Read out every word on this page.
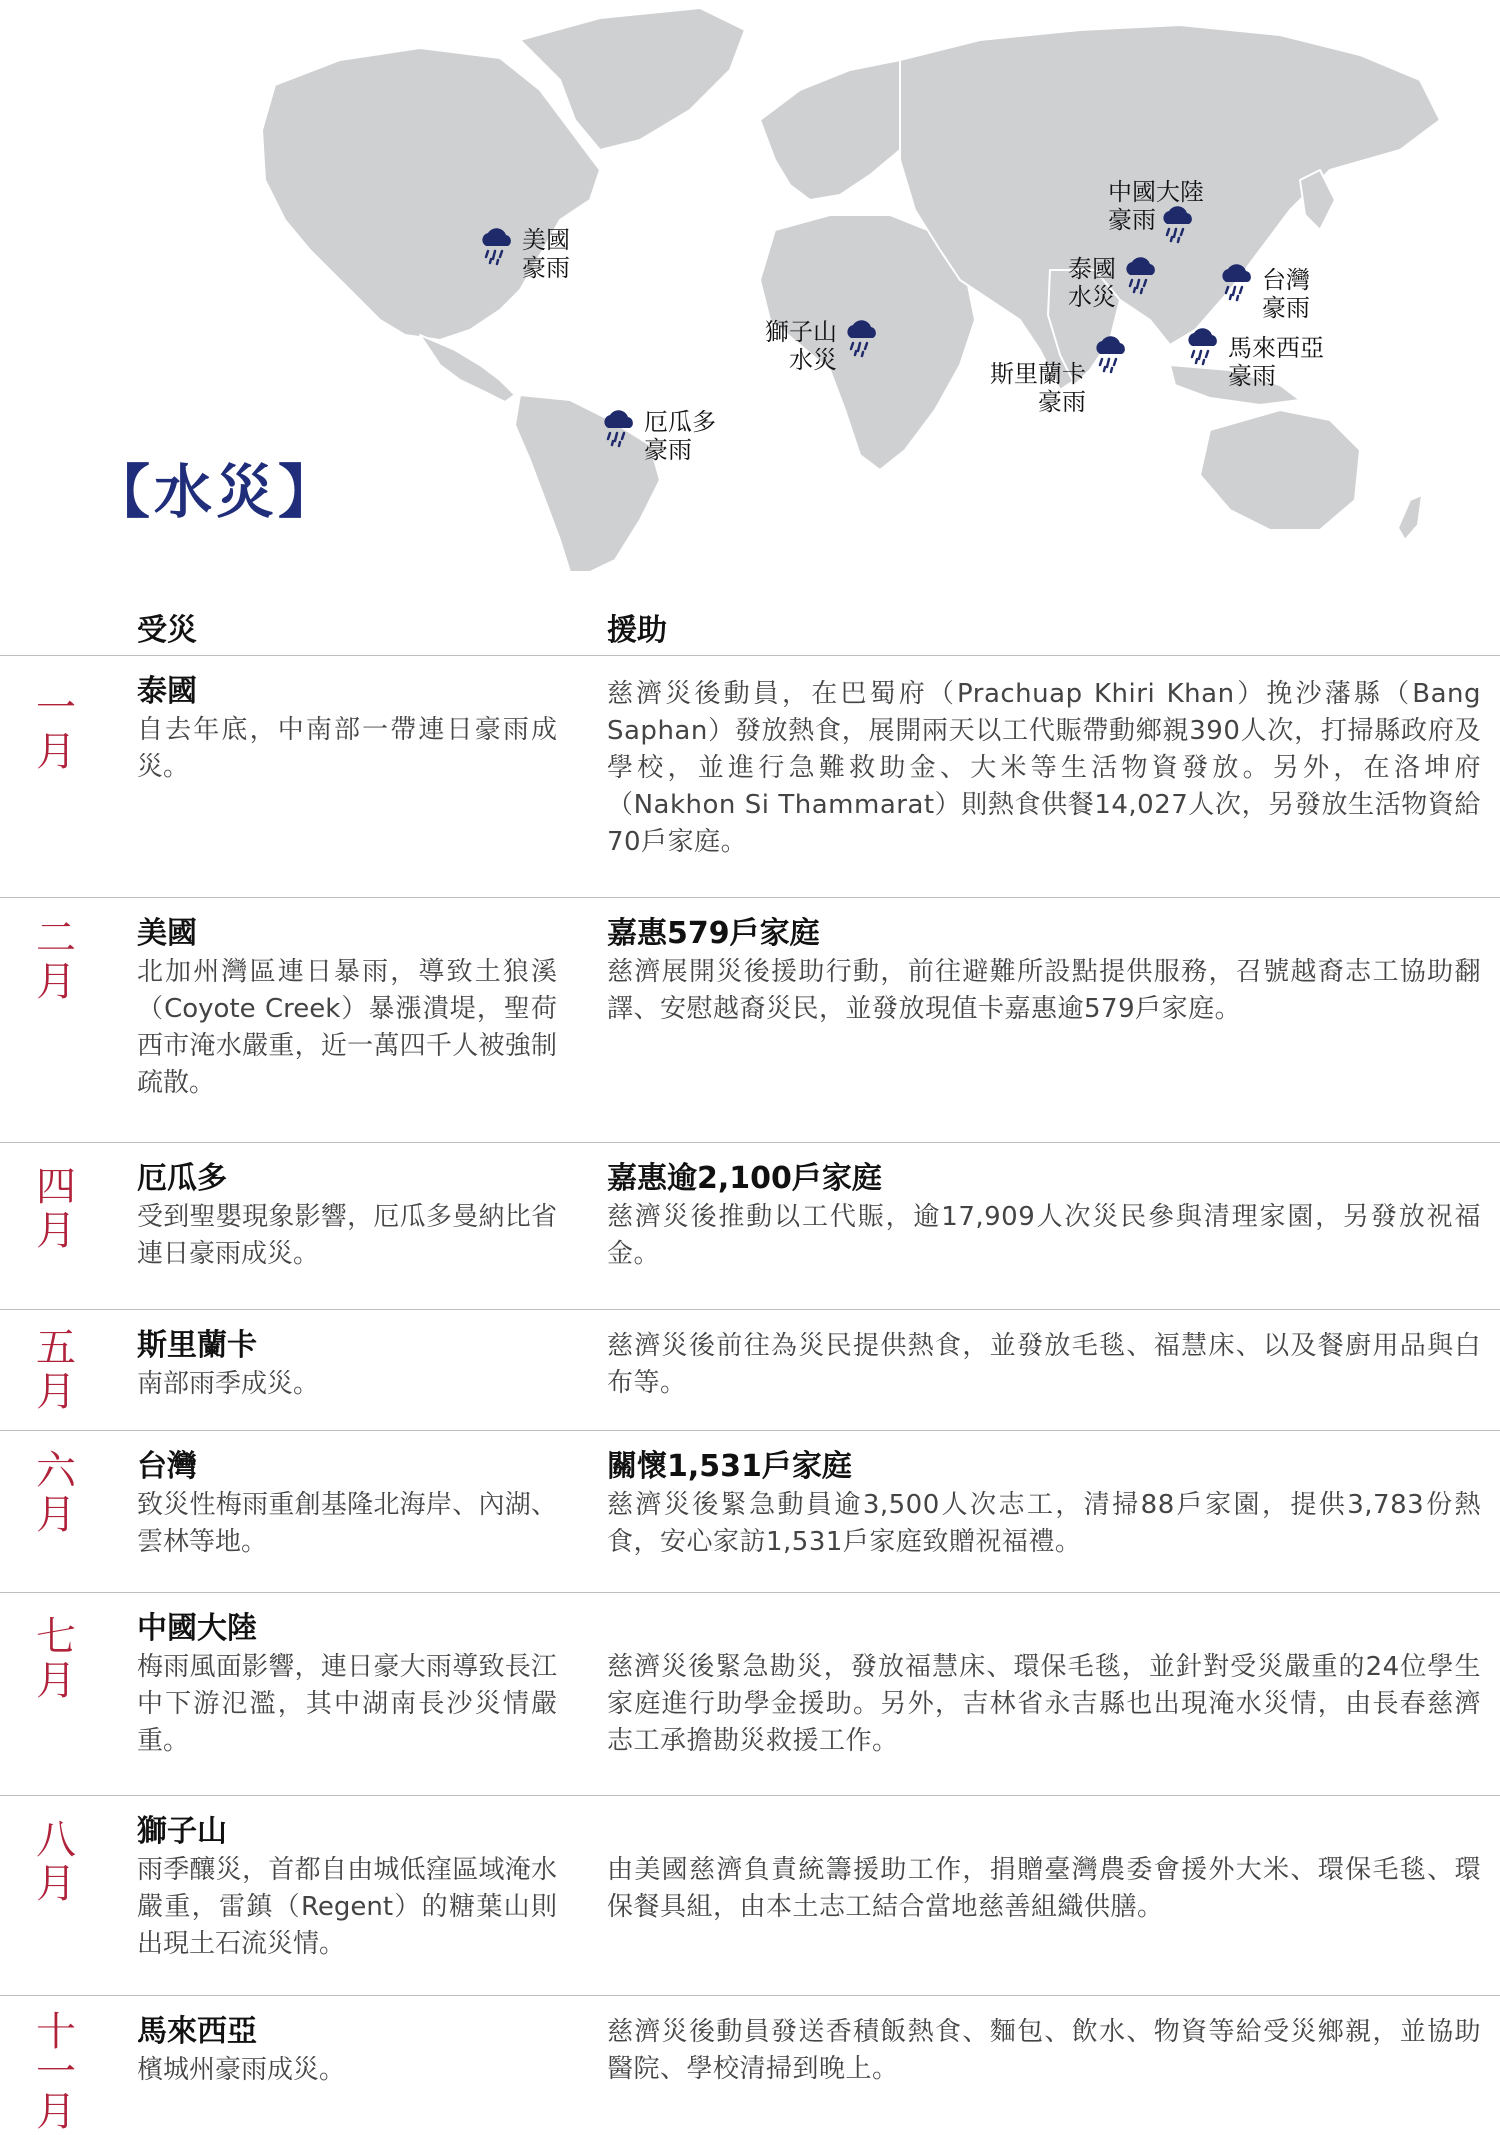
美國
豪雨
厄瓜多
豪雨
獅子山
水災	斯里蘭卡
豪雨
泰國
水災
中國大陸
豪雨
台灣
豪雨
馬來西亞
豪雨
【水災】
受災	援助
一
月
泰國
自去年底，中南部一帶連日豪雨成災。
慈濟災後動員，在巴蜀府（Prachuap Khiri Khan）挽沙藩縣（Bang Saphan）發放熱食，展開兩天以工代賑帶動鄉親390人次，打掃縣政府及學校，並進行急難救助金、大米等生活物資發放。另外，在洛坤府（Nakhon Si Thammarat）則熱食供餐14,027人次，另發放生活物資給70戶家庭。
二
月
美國
北加州灣區連日暴雨，導致土狼溪（Coyote Creek）暴漲潰堤，聖荷西市淹水嚴重，近一萬四千人被強制疏散。
嘉惠579戶家庭
慈濟展開災後援助行動，前往避難所設點提供服務，召號越裔志工協助翻譯、安慰越裔災民，並發放現值卡嘉惠逾579戶家庭。
四
月
厄瓜多
受到聖嬰現象影響，厄瓜多曼納比省連日豪雨成災。
嘉惠逾2,100戶家庭
慈濟災後推動以工代賑，逾17,909人次災民參與清理家園，另發放祝福金。
五
月
斯里蘭卡
南部雨季成災。
慈濟災後前往為災民提供熱食，並發放毛毯、福慧床、以及餐廚用品與白布等。
六
月
台灣
致災性梅雨重創基隆北海岸、內湖、雲林等地。
關懷1,531戶家庭
慈濟災後緊急動員逾3,500人次志工，清掃88戶家園，提供3,783份熱食，安心家訪1,531戶家庭致贈祝福禮。
七
月
中國大陸
梅雨風面影響，連日豪大雨導致長江中下游氾濫，其中湖南長沙災情嚴重。
慈濟災後緊急勘災，發放福慧床、環保毛毯，並針對受災嚴重的24位學生家庭進行助學金援助。另外，吉林省永吉縣也出現淹水災情，由長春慈濟志工承擔勘災救援工作。
八
月
獅子山
雨季釀災，首都自由城低窪區域淹水嚴重，雷鎮（Regent）的糖葉山則出現土石流災情。
由美國慈濟負責統籌援助工作，捐贈臺灣農委會援外大米、環保毛毯、環保餐具組，由本土志工結合當地慈善組織供膳。
十
一
月
馬來西亞
檳城州豪雨成災。
慈濟災後動員發送香積飯熱食、麵包、飲水、物資等給受災鄉親，並協助醫院、學校清掃到晚上。
